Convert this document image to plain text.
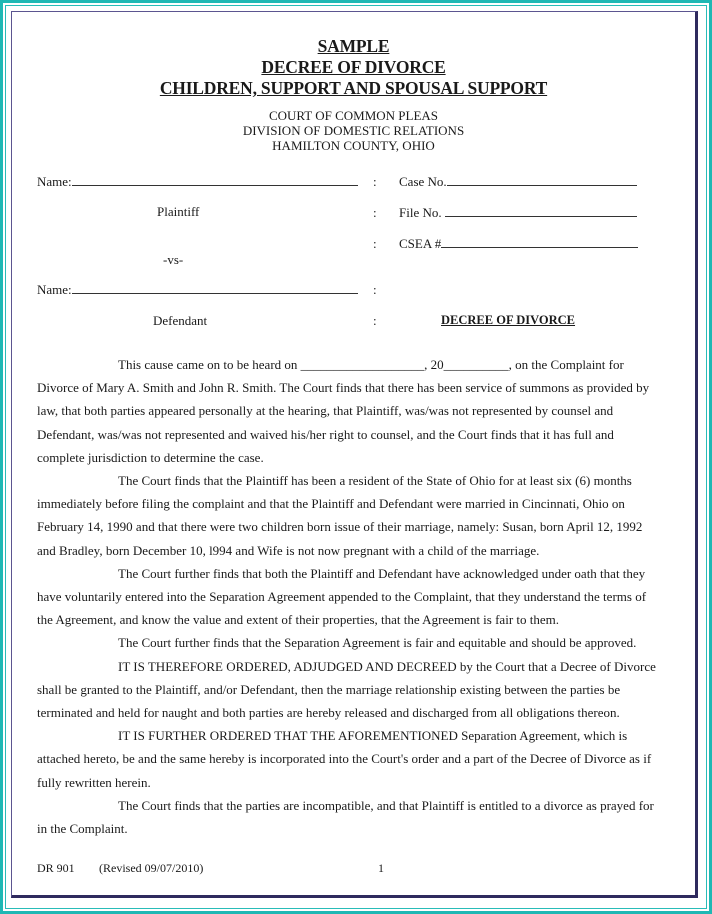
SAMPLE
DECREE OF DIVORCE
CHILDREN, SUPPORT AND SPOUSAL SUPPORT
COURT OF COMMON PLEAS
DIVISION OF DOMESTIC RELATIONS
HAMILTON COUNTY, OHIO
Name:
Plaintiff
-vs-
Name:
Defendant
:
:
:
:
:
Case No.
File No.
CSEA #
DECREE OF DIVORCE
This cause came on to be heard on ___________________, 20__________, on the Complaint for
Divorce of Mary A. Smith and John R. Smith. The Court finds that there has been service of summons as provided by
law, that both parties appeared personally at the hearing, that Plaintiff, was/was not represented by counsel and
Defendant, was/was not represented and waived his/her right to counsel, and the Court finds that it has full and
complete jurisdiction to determine the case.
The Court finds that the Plaintiff has been a resident of the State of Ohio for at least six (6) months
immediately before filing the complaint and that the Plaintiff and Defendant were married in Cincinnati, Ohio on
February 14, 1990 and that there were two children born issue of their marriage, namely: Susan, born April 12, 1992
and Bradley, born December 10, l994 and Wife is not now pregnant with a child of the marriage.
The Court further finds that both the Plaintiff and Defendant have acknowledged under oath that they
have voluntarily entered into the Separation Agreement appended to the Complaint, that they understand the terms of
the Agreement, and know the value and extent of their properties, that the Agreement is fair to them.
The Court further finds that the Separation Agreement is fair and equitable and should be approved.
IT IS THEREFORE ORDERED, ADJUDGED AND DECREED by the Court that a Decree of Divorce
shall be granted to the Plaintiff, and/or Defendant, then the marriage relationship existing between the parties be
terminated and held for naught and both parties are hereby released and discharged from all obligations thereon.
IT IS FURTHER ORDERED THAT THE AFOREMENTIONED Separation Agreement, which is
attached hereto, be and the same hereby is incorporated into the Court's order and a part of the Decree of Divorce as if
fully rewritten herein.
The Court finds that the parties are incompatible, and that Plaintiff is entitled to a divorce as prayed for
in the Complaint.
DR 901 (Revised 09/07/2010)	1
